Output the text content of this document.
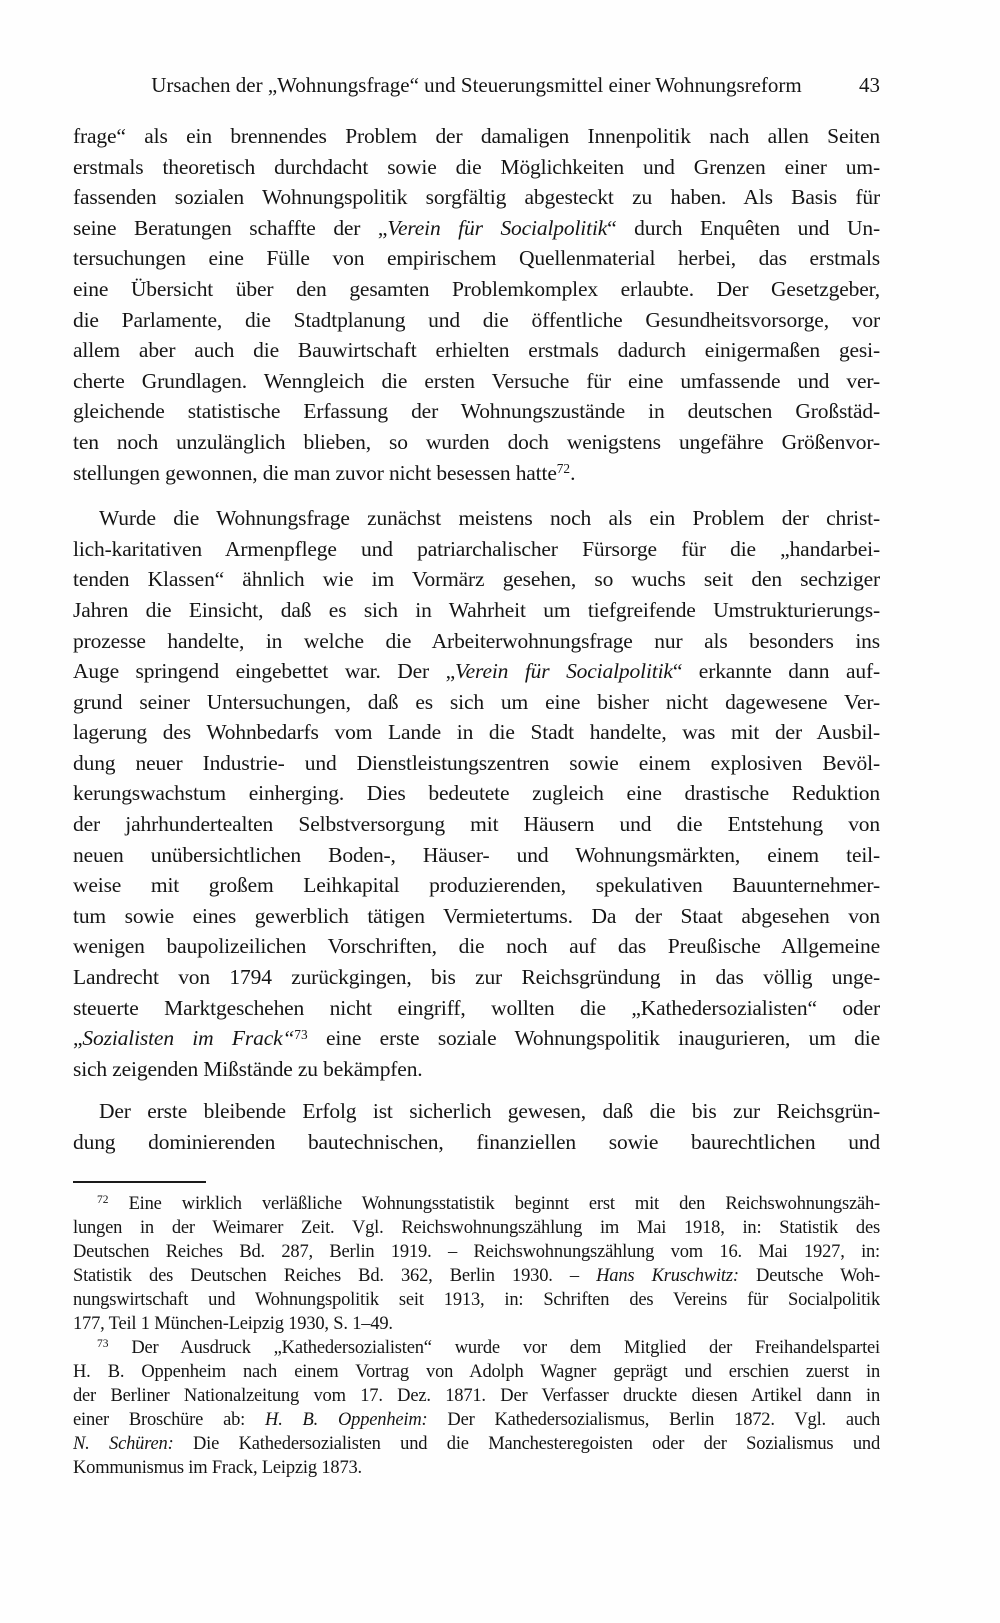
Ursachen der „Wohnungsfrage“ und Steuerungsmittel einer Wohnungsreform	43
frage“ als ein brennendes Problem der damaligen Innenpolitik nach allen Seiten
erstmals theoretisch durchdacht sowie die Möglichkeiten und Grenzen einer um-
fassenden sozialen Wohnungspolitik sorgfältig abgesteckt zu haben. Als Basis für
seine Beratungen schaffte der „Verein für Socialpolitik“ durch Enquêten und Un-
tersuchungen eine Fülle von empirischem Quellenmaterial herbei, das erstmals
eine Übersicht über den gesamten Problemkomplex erlaubte. Der Gesetzgeber,
die Parlamente, die Stadtplanung und die öffentliche Gesundheitsvorsorge, vor
allem aber auch die Bauwirtschaft erhielten erstmals dadurch einigermaßen gesi-
cherte Grundlagen. Wenngleich die ersten Versuche für eine umfassende und ver-
gleichende statistische Erfassung der Wohnungszustände in deutschen Großstäd-
ten noch unzulänglich blieben, so wurden doch wenigstens ungefähre Größenvor-
stellungen gewonnen, die man zuvor nicht besessen hatte$^{72}$.
Wurde die Wohnungsfrage zunächst meistens noch als ein Problem der christ-
lich-karitativen Armenpflege und patriarchalischer Fürsorge für die „handarbei-
tenden Klassen“ ähnlich wie im Vormärz gesehen, so wuchs seit den sechziger
Jahren die Einsicht, daß es sich in Wahrheit um tiefgreifende Umstrukturierungs-
prozesse handelte, in welche die Arbeiterwohnungsfrage nur als besonders ins
Auge springend eingebettet war. Der „Verein für Socialpolitik“ erkannte dann auf-
grund seiner Untersuchungen, daß es sich um eine bisher nicht dagewesene Ver-
lagerung des Wohnbedarfs vom Lande in die Stadt handelte, was mit der Ausbil-
dung neuer Industrie- und Dienstleistungszentren sowie einem explosiven Bevöl-
kerungswachstum einherging. Dies bedeutete zugleich eine drastische Reduktion
der jahrhundertealten Selbstversorgung mit Häusern und die Entstehung von
neuen unübersichtlichen Boden-, Häuser- und Wohnungsmärkten, einem teil-
weise mit großem Leihkapital produzierenden, spekulativen Bauunternehmer-
tum sowie eines gewerblich tätigen Vermietertums. Da der Staat abgesehen von
wenigen baupolizeilichen Vorschriften, die noch auf das Preußische Allgemeine
Landrecht von 1794 zurückgingen, bis zur Reichsgründung in das völlig unge-
steuerte Marktgeschehen nicht eingriff, wollten die „Kathedersozialisten“ oder
„Sozialisten im Frack“$^{73}$ eine erste soziale Wohnungspolitik inaugurieren, um die
sich zeigenden Mißstände zu bekämpfen.
Der erste bleibende Erfolg ist sicherlich gewesen, daß die bis zur Reichsgrün-
dung dominierenden bautechnischen, finanziellen sowie baurechtlichen und
$^{72}$ Eine wirklich verläßliche Wohnungsstatistik beginnt erst mit den Reichswohnungszäh-
lungen in der Weimarer Zeit. Vgl. Reichswohnungszählung im Mai 1918, in: Statistik des
Deutschen Reiches Bd. 287, Berlin 1919. – Reichswohnungszählung vom 16. Mai 1927, in:
Statistik des Deutschen Reiches Bd. 362, Berlin 1930. – Hans Kruschwitz: Deutsche Woh-
nungswirtschaft und Wohnungspolitik seit 1913, in: Schriften des Vereins für Socialpolitik
177, Teil 1 München-Leipzig 1930, S. 1–49.
$^{73}$ Der Ausdruck „Kathedersozialisten“ wurde vor dem Mitglied der Freihandelspartei
H. B. Oppenheim nach einem Vortrag von Adolph Wagner geprägt und erschien zuerst in
der Berliner Nationalzeitung vom 17. Dez. 1871. Der Verfasser druckte diesen Artikel dann in
einer Broschüre ab: H. B. Oppenheim: Der Kathedersozialismus, Berlin 1872. Vgl. auch
N. Schüren: Die Kathedersozialisten und die Manchesteregoisten oder der Sozialismus und
Kommunismus im Frack, Leipzig 1873.
